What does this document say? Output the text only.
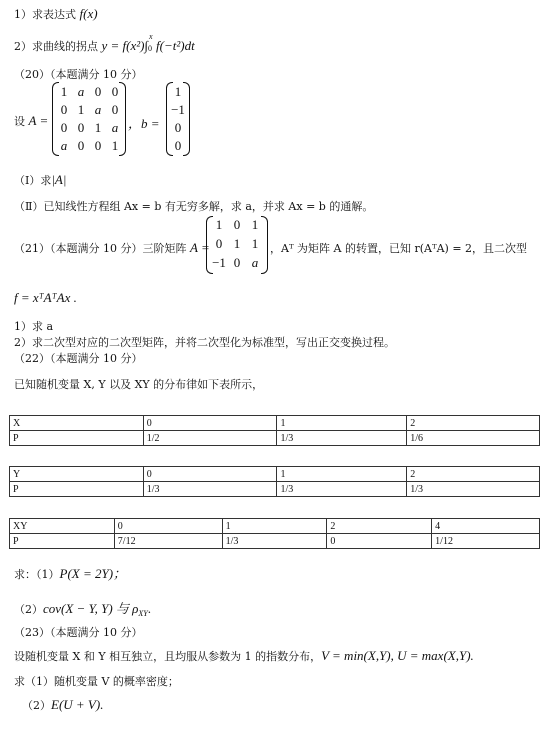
1）求表达式 f(x)
2）求曲线的拐点 y = f(x²)∫
x
0 f(−t²)dt
（20）（本题满分 10 分）
设 A =
1 a 0 0
0 1 a 0
0 0 1 a
a 0 0 1
，b =
1
−1
0
0
（Ⅰ）求|A|
（Ⅱ）已知线性方程组 Ax = b 有无穷多解，求 a，并求 Ax = b 的通解。
（21）（本题满分 10 分）三阶矩阵 A =
1 0 1
0 1 1
−1 0 a
，Aᵀ 为矩阵 A 的转置，已知 r(AᵀA) = 2，且二次型
f = xᵀAᵀAx .
1）求 a
2）求二次型对应的二次型矩阵，并将二次型化为标准型，写出正交变换过程。
（22）（本题满分 10 分）
已知随机变量 X, Y 以及 XY 的分布律如下表所示，
X	0	1	2
P	1/2	1/3	1/6
Y	0	1	2
P	1/3	1/3	1/3
XY	0	1	2	4
P	7/12	1/3	0	1/12
求：（1）P(X = 2Y)；
（2）cov(X − Y, Y) 与 $\rho_{XY}$.
（23）（本题满分 10 分）
设随机变量 X 和 Y 相互独立，且均服从参数为 1 的指数分布，V = min(X,Y), U = max(X,Y).
求（1）随机变量 V 的概率密度；
（2）E(U + V).
